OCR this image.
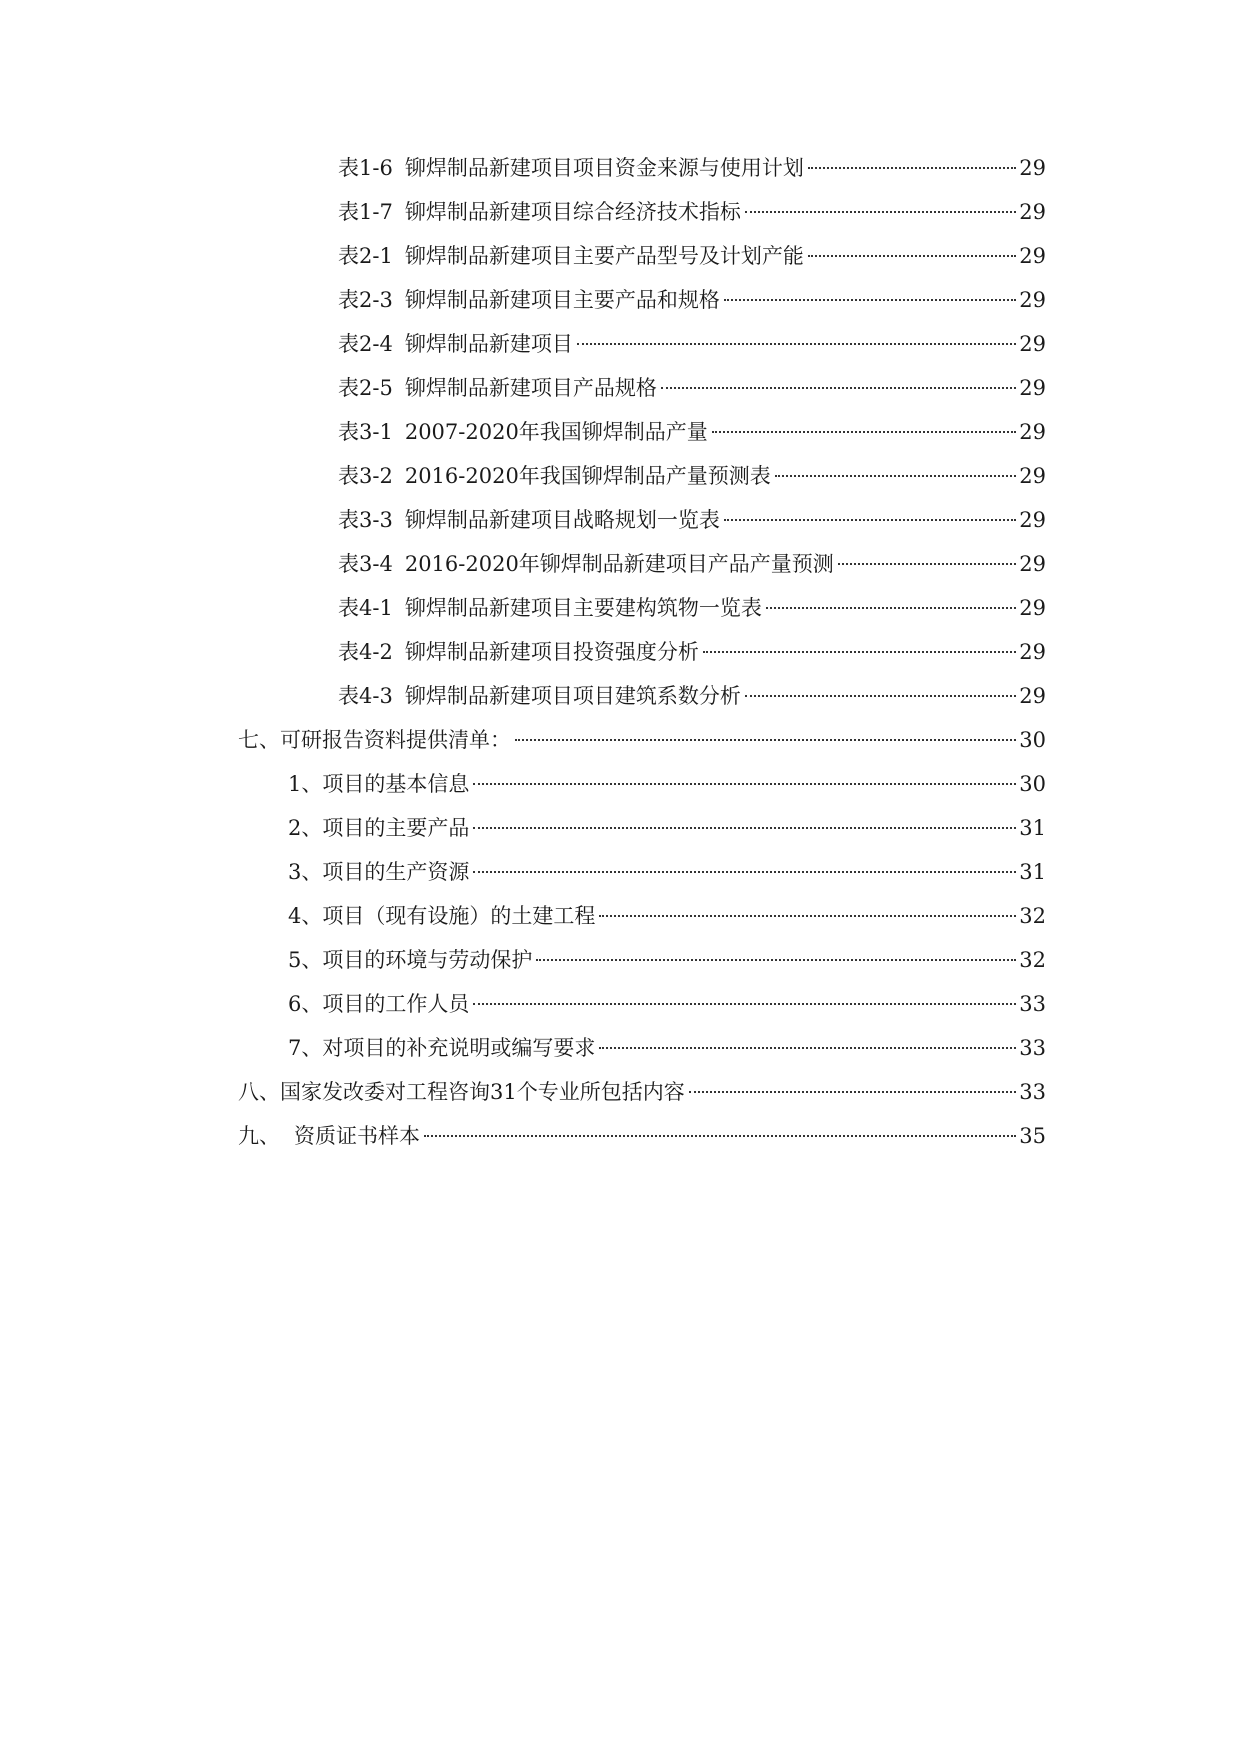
表1-6 铆焊制品新建项目项目资金来源与使用计划	29
表1-7 铆焊制品新建项目综合经济技术指标	29
表2-1 铆焊制品新建项目主要产品型号及计划产能	29
表2-3 铆焊制品新建项目主要产品和规格	29
表2-4 铆焊制品新建项目	29
表2-5 铆焊制品新建项目产品规格	29
表3-1 2007-2020年我国铆焊制品产量	29
表3-2 2016-2020年我国铆焊制品产量预测表	29
表3-3 铆焊制品新建项目战略规划一览表	29
表3-4 2016-2020年铆焊制品新建项目产品产量预测	29
表4-1 铆焊制品新建项目主要建构筑物一览表	29
表4-2 铆焊制品新建项目投资强度分析	29
表4-3 铆焊制品新建项目项目建筑系数分析	29
七、可研报告资料提供清单：	30
1、项目的基本信息	30
2、项目的主要产品	31
3、项目的生产资源	31
4、项目（现有设施）的土建工程	32
5、项目的环境与劳动保护	32
6、项目的工作人员	33
7、对项目的补充说明或编写要求	33
八、国家发改委对工程咨询31个专业所包括内容	33
九、 资质证书样本	35
